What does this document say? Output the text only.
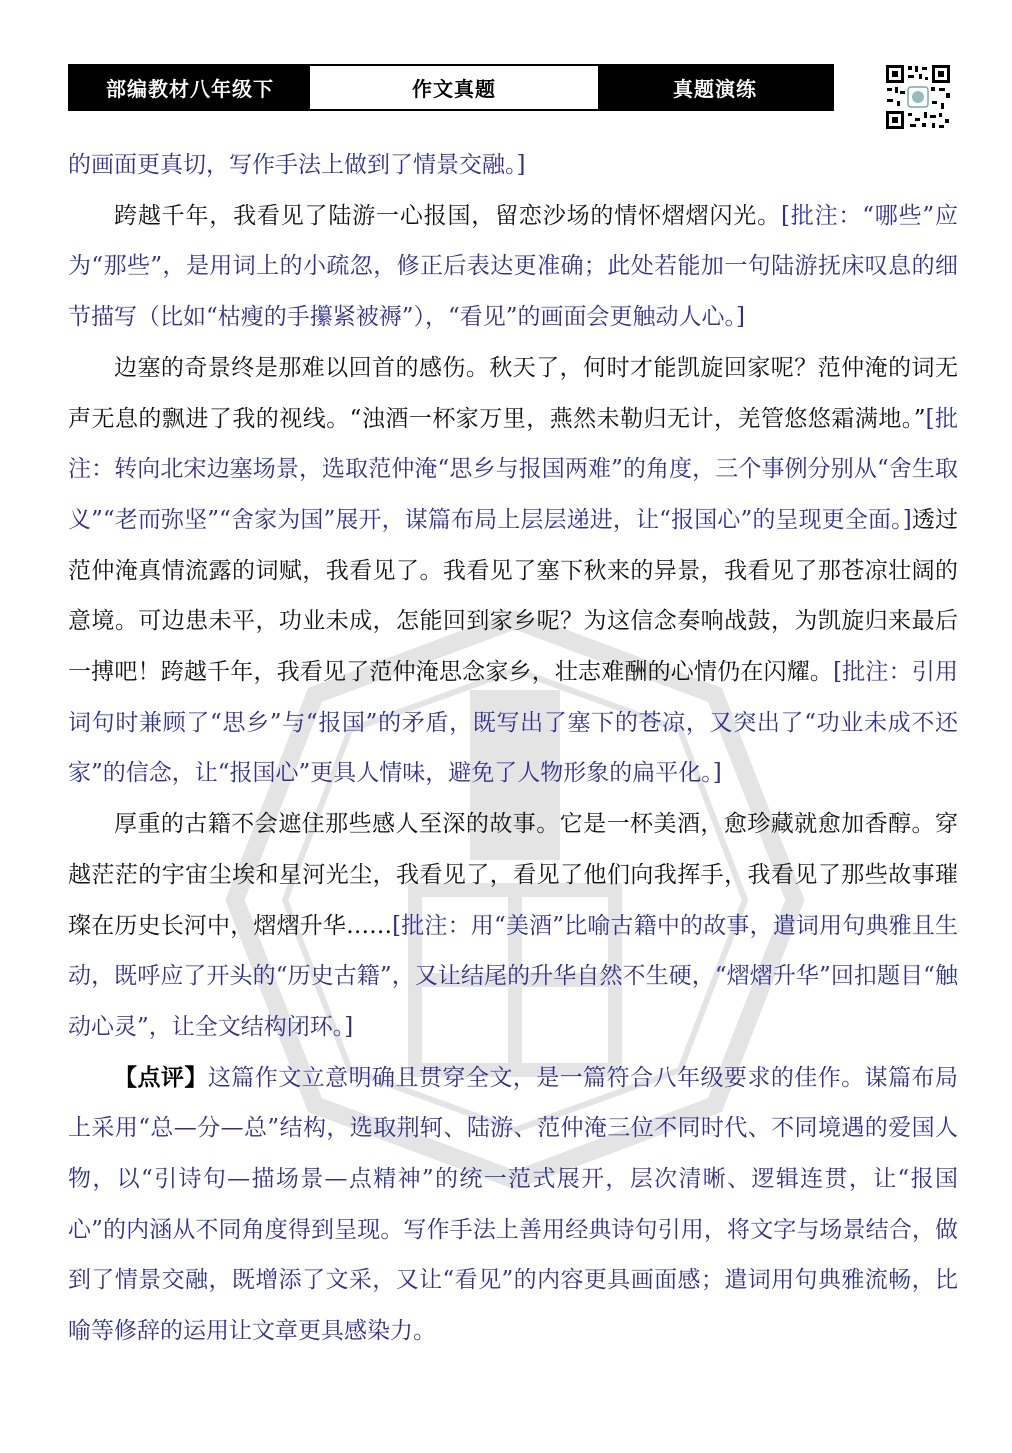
部编教材八年级下	作文真题	真题演练

的画面更真切，写作手法上做到了情景交融。]

跨越千年，我看见了陆游一心报国，留恋沙场的情怀熠熠闪光。[批注：“哪些”应为“那些”，是用词上的小疏忽，修正后表达更准确；此处若能加一句陆游抚床叹息的细节描写（比如“枯瘦的手攥紧被褥”），“看见”的画面会更触动人心。]

边塞的奇景终是那难以回首的感伤。秋天了，何时才能凯旋回家呢？范仲淹的词无声无息的飘进了我的视线。“浊酒一杯家万里，燕然未勒归无计，羌管悠悠霜满地。”[批注：转向北宋边塞场景，选取范仲淹“思乡与报国两难”的角度，三个事例分别从“舍生取义”“老而弥坚”“舍家为国”展开，谋篇布局上层层递进，让“报国心”的呈现更全面。]透过范仲淹真情流露的词赋，我看见了。我看见了塞下秋来的异景，我看见了那苍凉壮阔的意境。可边患未平，功业未成，怎能回到家乡呢？为这信念奏响战鼓，为凯旋归来最后一搏吧！跨越千年，我看见了范仲淹思念家乡，壮志难酬的心情仍在闪耀。[批注：引用词句时兼顾了“思乡”与“报国”的矛盾，既写出了塞下的苍凉，又突出了“功业未成不还家”的信念，让“报国心”更具人情味，避免了人物形象的扁平化。]

厚重的古籍不会遮住那些感人至深的故事。它是一杯美酒，愈珍藏就愈加香醇。穿越茫茫的宇宙尘埃和星河光尘，我看见了，看见了他们向我挥手，我看见了那些故事璀璨在历史长河中，熠熠升华……[批注：用“美酒”比喻古籍中的故事，遣词用句典雅且生动，既呼应了开头的“历史古籍”，又让结尾的升华自然不生硬，“熠熠升华”回扣题目“触动心灵”，让全文结构闭环。]

【点评】这篇作文立意明确且贯穿全文，是一篇符合八年级要求的佳作。谋篇布局上采用“总—分—总”结构，选取荆轲、陆游、范仲淹三位不同时代、不同境遇的爱国人物，以“引诗句—描场景—点精神”的统一范式展开，层次清晰、逻辑连贯，让“报国心”的内涵从不同角度得到呈现。写作手法上善用经典诗句引用，将文字与场景结合，做到了情景交融，既增添了文采，又让“看见”的内容更具画面感；遣词用句典雅流畅，比喻等修辞的运用让文章更具感染力。
